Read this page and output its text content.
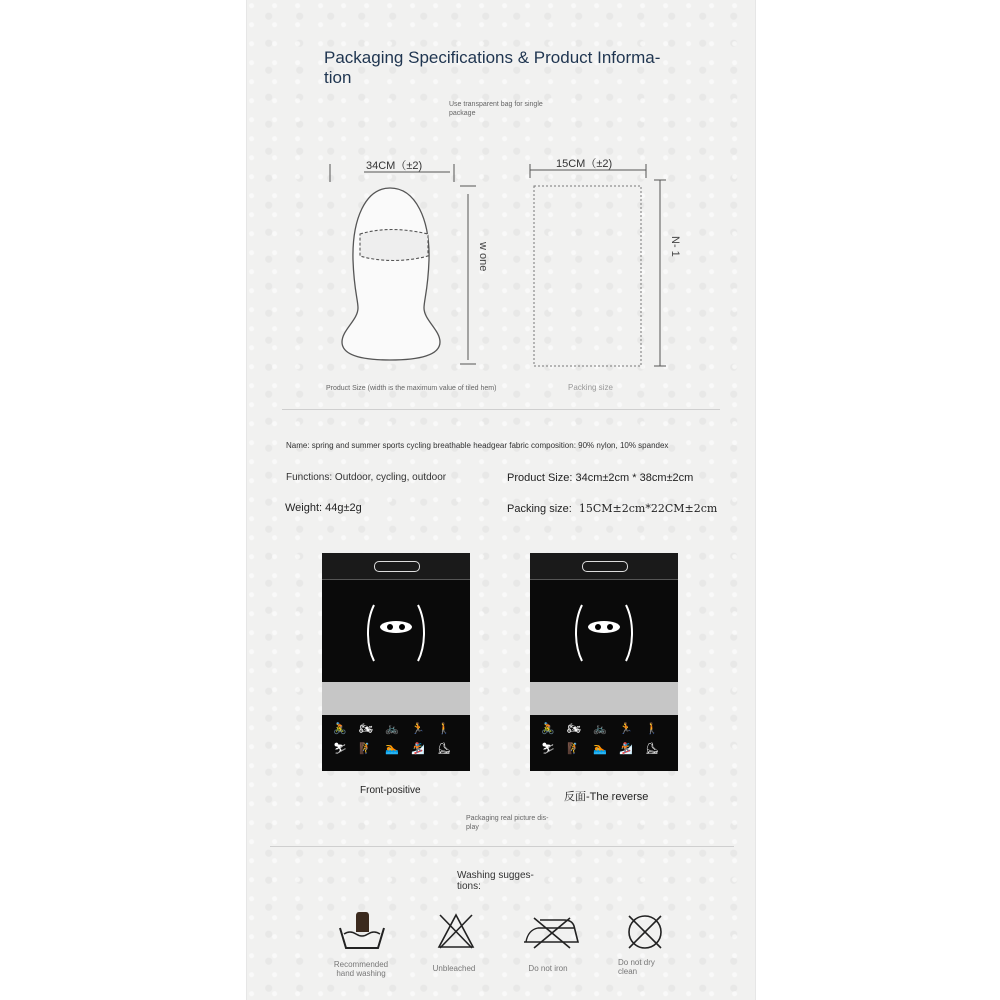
Packaging Specifications & Product Informa-
tion
Use transparent bag for single package
34CM（±2)
w one
Product Size (width is the maximum value of tiled hem)
15CM（±2)
N- 1
Packing size
Name: spring and summer sports cycling breathable headgear fabric composition: 90% nylon, 10% spandex
Functions: Outdoor, cycling, outdoor
Weight: 44g±2g
Product Size: 34cm±2cm * 38cm±2cm
Packing size: 15CM±2cm*22CM±2cm
🚴 🏍 🚲 🏃 🚶
⛷ 🧗 🏊 🏂 ⛸
🚴 🏍 🚲 🏃 🚶
⛷ 🧗 🏊 🏂 ⛸
Front-positive
反面-The reverse
Packaging real picture dis- play
Washing sugges- tions:
Recommended hand washing
Unbleached	Do not iron
Do not dry clean
